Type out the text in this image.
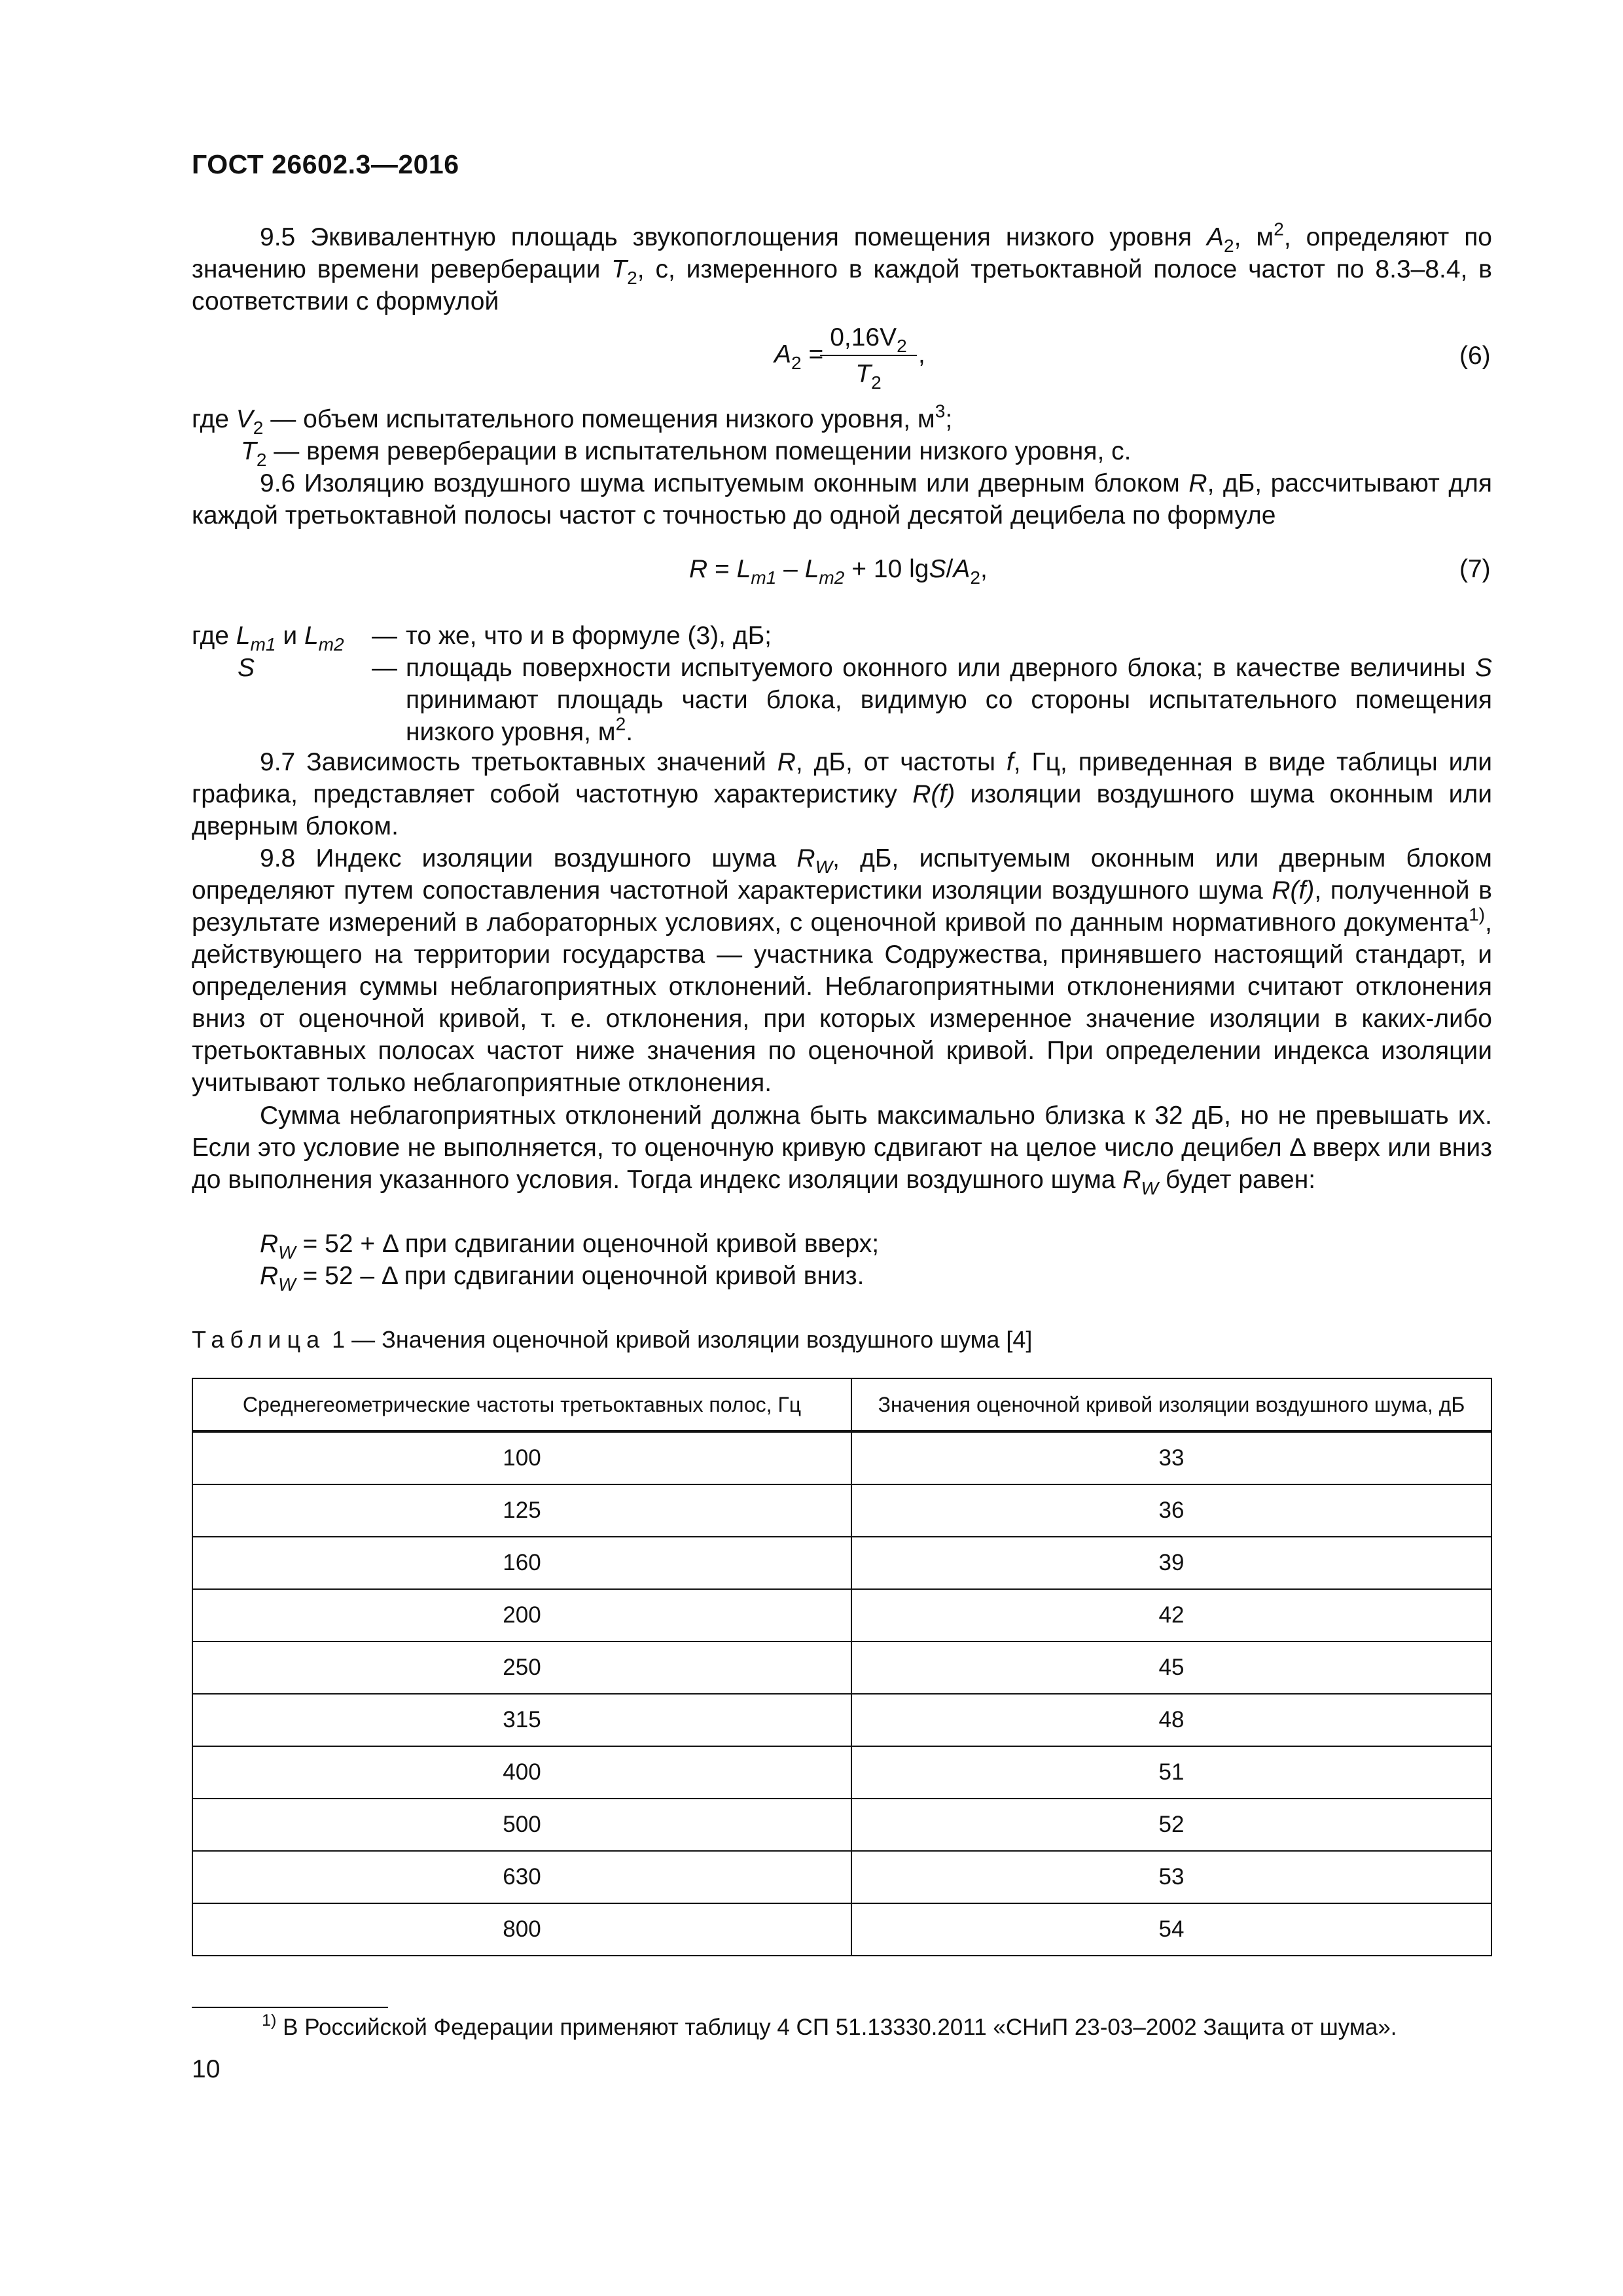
ГОСТ 26602.3—2016
9.5 Эквивалентную площадь звукопоглощения помещения низкого уровня $A_2$, $м^2$, определяют по значению времени реверберации $T_2$, с, измеренного в каждой третьоктавной полосе частот по 8.3–8.4, в соответствии с формулой
$A_2$ =
$\frac{0,16V_2}{T_2}$ ,	(6)
где $V_2$ — объем испытательного помещения низкого уровня, $м^3$;
$T_2$ — время реверберации в испытательном помещении низкого уровня, с.
9.6 Изоляцию воздушного шума испытуемым оконным или дверным блоком R, дБ, рассчитывают для каждой третьоктавной полосы частот с точностью до одной десятой децибела по формуле
$R = L_{m1} - L_{m2} + 10$ lgS/$A_2$,	(7)
где $L_{m1}$ и $L_{m2}$	—	то же, что и в формуле (3), дБ;
S	—	площадь поверхности испытуемого оконного или дверного блока; в качестве величины S принимают площадь части блока, видимую со стороны испытательного помещения низкого уровня, $м^2$.
9.7 Зависимость третьоктавных значений R, дБ, от частоты f, Гц, приведенная в виде таблицы или графика, представляет собой частотную характеристику R(f) изоляции воздушного шума оконным или дверным блоком.
9.8 Индекс изоляции воздушного шума $R_W$, дБ, испытуемым оконным или дверным блоком определяют путем сопоставления частотной характеристики изоляции воздушного шума R(f), полученной в результате измерений в лабораторных условиях, с оценочной кривой по данным нормативного документа$^{1)}$, действующего на территории государства — участника Содружества, принявшего настоящий стандарт, и определения суммы неблагоприятных отклонений. Неблагоприятными отклонениями считают отклонения вниз от оценочной кривой, т. е. отклонения, при которых измеренное значение изоляции в каких-либо третьоктавных полосах частот ниже значения по оценочной кривой. При определении индекса изоляции учитывают только неблагоприятные отклонения.
Сумма неблагоприятных отклонений должна быть максимально близка к 32 дБ, но не превышать их. Если это условие не выполняется, то оценочную кривую сдвигают на целое число децибел Δ вверх или вниз до выполнения указанного условия. Тогда индекс изоляции воздушного шума $R_W$ будет равен:
$R_W = 52 + \Delta$ при сдвигании оценочной кривой вверх;
$R_W = 52 - \Delta$ при сдвигании оценочной кривой вниз.
Таблица 1 — Значения оценочной кривой изоляции воздушного шума [4]
Среднегеометрические частоты третьоктавных полос, Гц	Значения оценочной кривой изоляции воздушного шума, дБ
100	33
125	36
160	39
200	42
250	45
315	48
400	51
500	52
630	53
800	54
$^{1)}$ В Российской Федерации применяют таблицу 4 СП 51.13330.2011 «СНиП 23-03–2002 Защита от шума».
10
